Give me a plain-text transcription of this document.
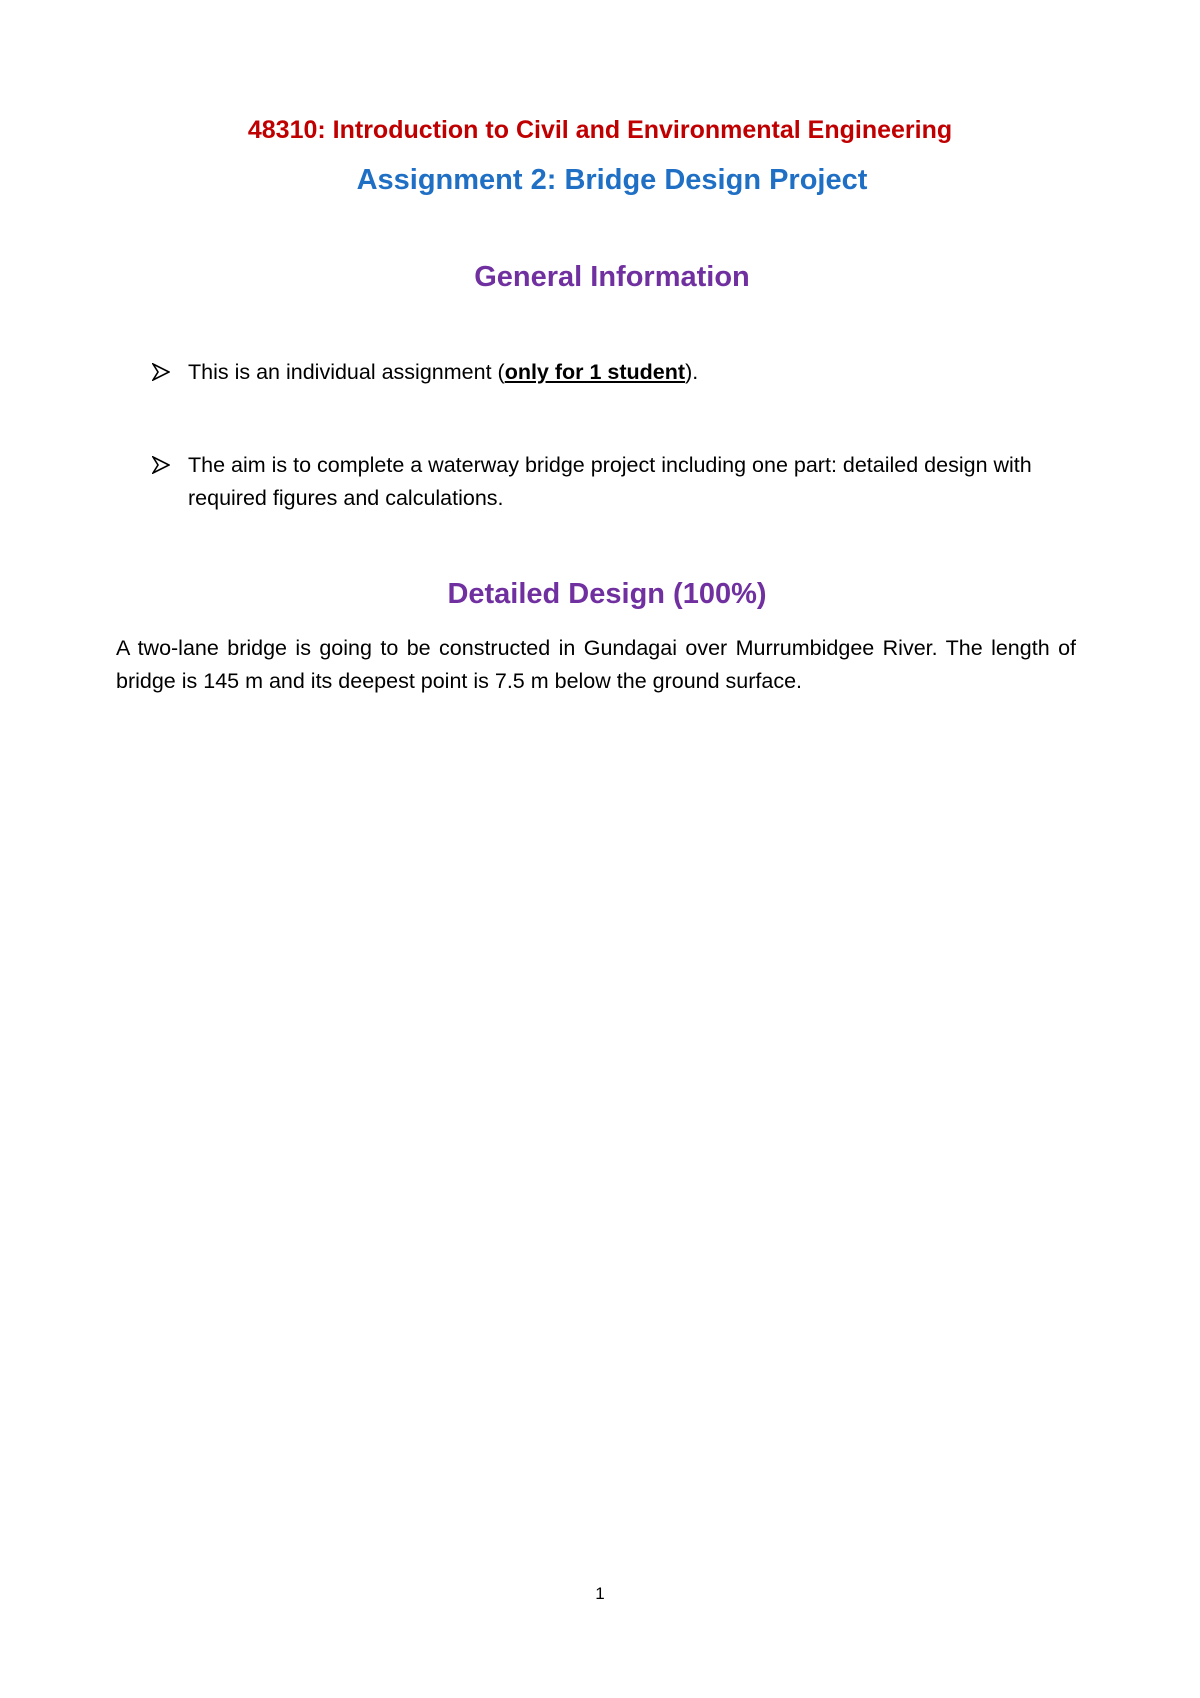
48310: Introduction to Civil and Environmental Engineering
Assignment 2: Bridge Design Project
General Information
This is an individual assignment (only for 1 student).
The aim is to complete a waterway bridge project including one part: detailed design with required figures and calculations.
Detailed Design (100%)
A two-lane bridge is going to be constructed in Gundagai over Murrumbidgee River. The length of bridge is 145 m and its deepest point is 7.5 m below the ground surface.
1
